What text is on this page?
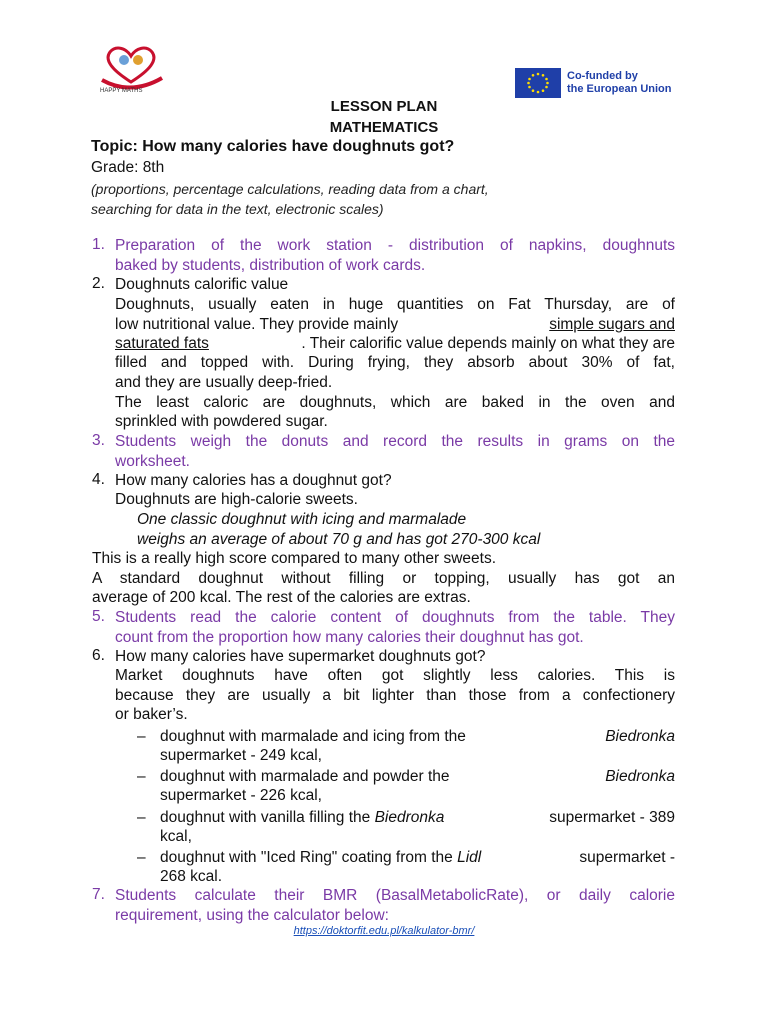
HAPPY MATHS
Co-funded by
the European Union
LESSON PLAN
MATHEMATICS
Topic: How many calories have doughnuts got?
Grade: 8th
(proportions, percentage calculations, reading data from a chart,
searching for data in the text, electronic scales)
1. Preparation of the work station - distribution of napkins, doughnuts
baked by students, distribution of work cards.
2. Doughnuts calorific value
Doughnuts, usually eaten in huge quantities on Fat Thursday, are of
low nutritional value. They provide mainly	simple sugars and
saturated fats	. Their calorific value depends mainly on what they are
filled and topped with. During frying, they absorb about 30% of fat,
and they are usually deep-fried.
The least caloric are doughnuts, which are baked in the oven and
sprinkled with powdered sugar.
3. Students weigh the donuts and record the results in grams on the
worksheet.
4. How many calories has a doughnut got?
Doughnuts are high-calorie sweets.
One classic doughnut with icing and marmalade
weighs an average of about 70 g and has got 270-300 kcal
This is a really high score compared to many other sweets.
A standard doughnut without filling or topping, usually has got an
average of 200 kcal. The rest of the calories are extras.
5. Students read the calorie content of doughnuts from the table. They
count from the proportion how many calories their doughnut has got.
6. How many calories have supermarket doughnuts got?
Market doughnuts have often got slightly less calories. This is
because they are usually a bit lighter than those from a confectionery
or baker’s.
– doughnut with marmalade and icing from the	Biedronka
supermarket - 249 kcal,
– doughnut with marmalade and powder the	Biedronka
supermarket - 226 kcal,
– doughnut with vanilla filling the Biedronka	supermarket - 389
kcal,
– doughnut with "Iced Ring" coating from the Lidl	supermarket -
268 kcal.
7. Students calculate their BMR (BasalMetabolicRate), or daily calorie
requirement, using the calculator below:
https://doktorfit.edu.pl/kalkulator-bmr/
